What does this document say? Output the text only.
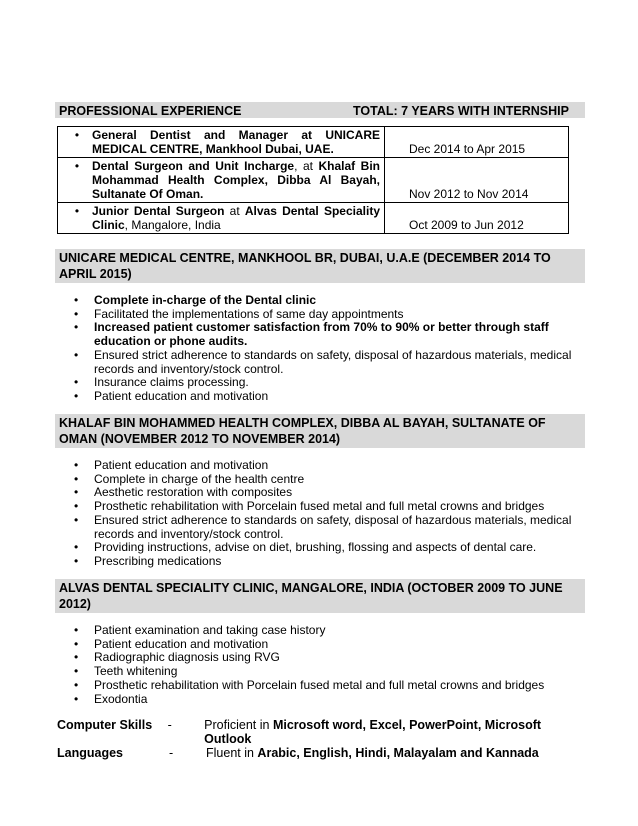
PROFESSIONAL EXPERIENCE	TOTAL: 7 YEARS WITH INTERNSHIP
• General Dentist and Manager at UNICARE MEDICAL CENTRE, Mankhool Dubai, UAE.	Dec 2014 to Apr 2015

• Dental Surgeon and Unit Incharge, at Khalaf Bin Mohammad Health Complex, Dibba Al Bayah, Sultanate Of Oman.	Nov 2012 to Nov 2014

• Junior Dental Surgeon at Alvas Dental Speciality Clinic, Mangalore, India	Oct 2009 to Jun 2012
UNICARE MEDICAL CENTRE, MANKHOOL BR, DUBAI, U.A.E (DECEMBER 2014 TO APRIL 2015)
• Complete in-charge of the Dental clinic
• Facilitated the implementations of same day appointments
• Increased patient customer satisfaction from 70% to 90% or better through staff education or phone audits.
• Ensured strict adherence to standards on safety, disposal of hazardous materials, medical records and inventory/stock control.
• Insurance claims processing.
• Patient education and motivation
KHALAF BIN MOHAMMED HEALTH COMPLEX, DIBBA AL BAYAH, SULTANATE OF OMAN (NOVEMBER 2012 TO NOVEMBER 2014)
• Patient education and motivation
• Complete in charge of the health centre
• Aesthetic restoration with composites
• Prosthetic rehabilitation with Porcelain fused metal and full metal crowns and bridges
• Ensured strict adherence to standards on safety, disposal of hazardous materials, medical records and inventory/stock control.
• Providing instructions, advise on diet, brushing, flossing and aspects of dental care.
• Prescribing medications
ALVAS DENTAL SPECIALITY CLINIC, MANGALORE, INDIA (OCTOBER 2009 TO JUNE 2012)
• Patient examination and taking case history
• Patient education and motivation
• Radiographic diagnosis using RVG
• Teeth whitening
• Prosthetic rehabilitation with Porcelain fused metal and full metal crowns and bridges
• Exodontia
Computer Skills	-	Proficient in Microsoft word, Excel, PowerPoint, Microsoft Outlook
Languages	-	Fluent in Arabic, English, Hindi, Malayalam and Kannada
